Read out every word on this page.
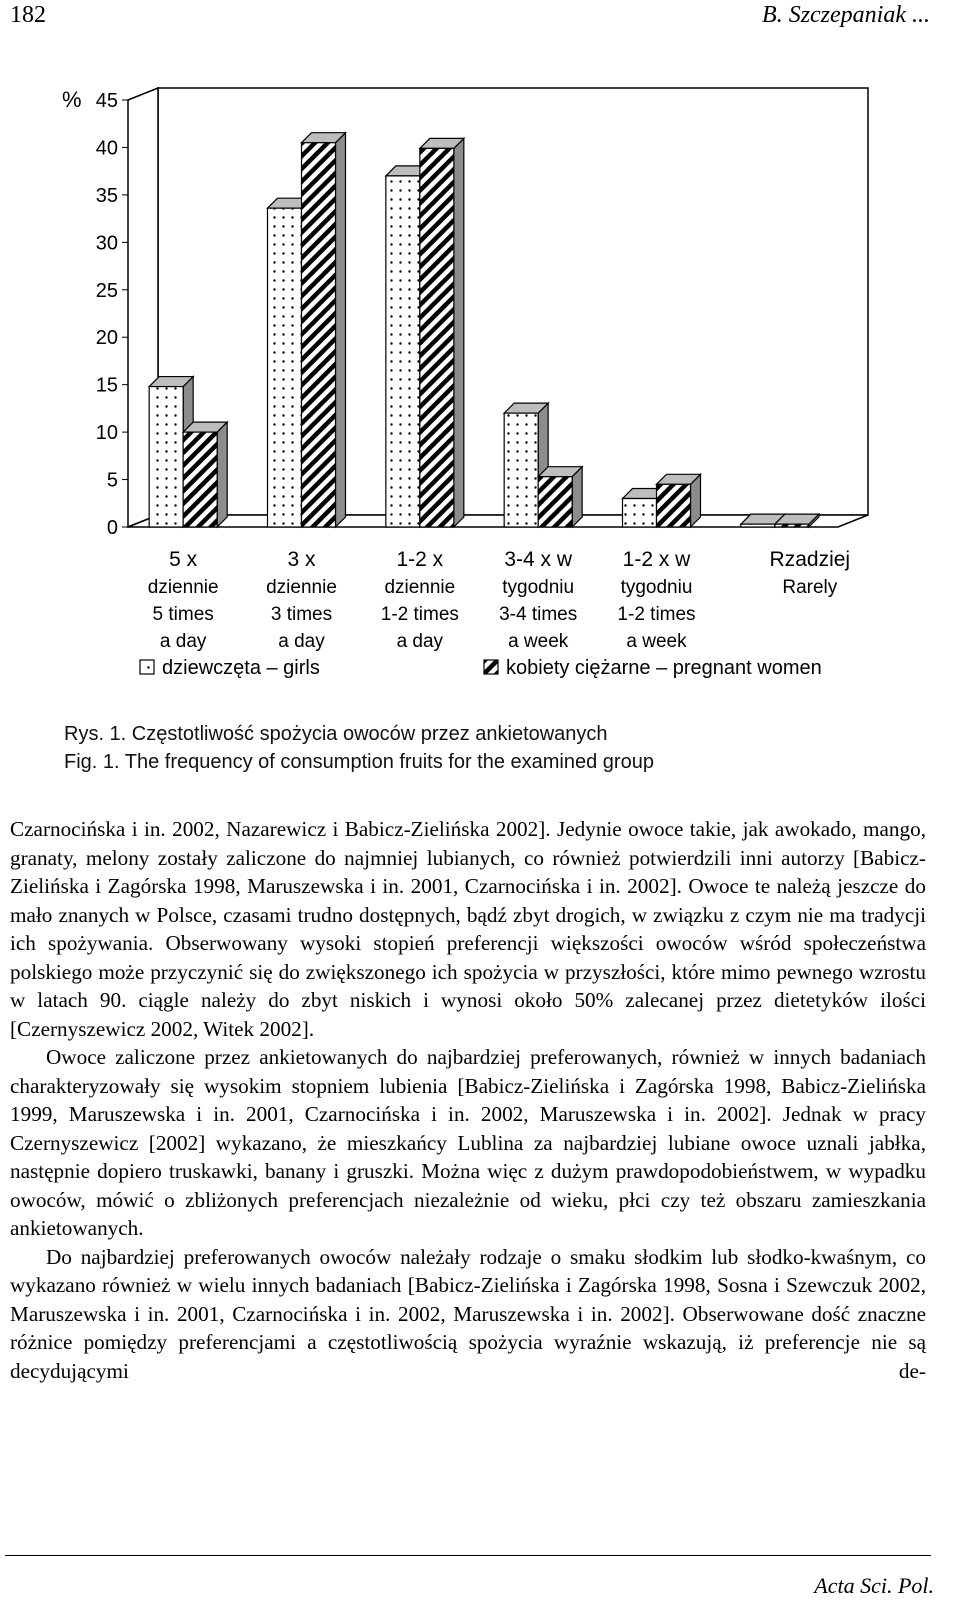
182	B. Szczepaniak ...
0
5
10
15
20
25
30
35
40
45
%
5 x
dziennie
5 times
a day
3 x
dziennie
3 times
a day
1-2 x
dziennie
1-2 times
a day
3-4 x w
tygodniu
3-4 times
a week
1-2 x w
tygodniu
1-2 times
a week
Rzadziej
Rarely
dziewczęta – girls	kobiety ciężarne – pregnant women
Rys. 1. Częstotliwość spożycia owoców przez ankietowanych
Fig. 1. The frequency of consumption fruits for the examined group

Czarnocińska i in. 2002, Nazarewicz i Babicz-Zielińska 2002]. Jedynie owoce takie, jak awokado, mango, granaty, melony zostały zaliczone do najmniej lubianych, co również potwierdzili inni autorzy [Babicz-Zielińska i Zagórska 1998, Maruszewska i in. 2001, Czarnocińska i in. 2002]. Owoce te należą jeszcze do mało znanych w Polsce, czasami trudno dostępnych, bądź zbyt drogich, w związku z czym nie ma tradycji ich spożywania. Obserwowany wysoki stopień preferencji większości owoców wśród społeczeństwa polskiego może przyczynić się do zwiększonego ich spożycia w przyszłości, które mimo pewnego wzrostu w latach 90. ciągle należy do zbyt niskich i wynosi około 50% zalecanej przez dietetyków ilości [Czernyszewicz 2002, Witek 2002].

Owoce zaliczone przez ankietowanych do najbardziej preferowanych, również w innych badaniach charakteryzowały się wysokim stopniem lubienia [Babicz-Zielińska i Zagórska 1998, Babicz-Zielińska 1999, Maruszewska i in. 2001, Czarnocińska i in. 2002, Maruszewska i in. 2002]. Jednak w pracy Czernyszewicz [2002] wykazano, że mieszkańcy Lublina za najbardziej lubiane owoce uznali jabłka, następnie dopiero truskawki, banany i gruszki. Można więc z dużym prawdopodobieństwem, w wypadku owoców, mówić o zbliżonych preferencjach niezależnie od wieku, płci czy też obszaru zamieszkania ankietowanych.

Do najbardziej preferowanych owoców należały rodzaje o smaku słodkim lub słodko-kwaśnym, co wykazano również w wielu innych badaniach [Babicz-Zielińska i Zagórska 1998, Sosna i Szewczuk 2002, Maruszewska i in. 2001, Czarnocińska i in. 2002, Maruszewska i in. 2002]. Obserwowane dość znaczne różnice pomiędzy preferencjami a częstotliwością spożycia wyraźnie wskazują, iż preferencje nie są decydującymi de-

Acta Sci. Pol.
